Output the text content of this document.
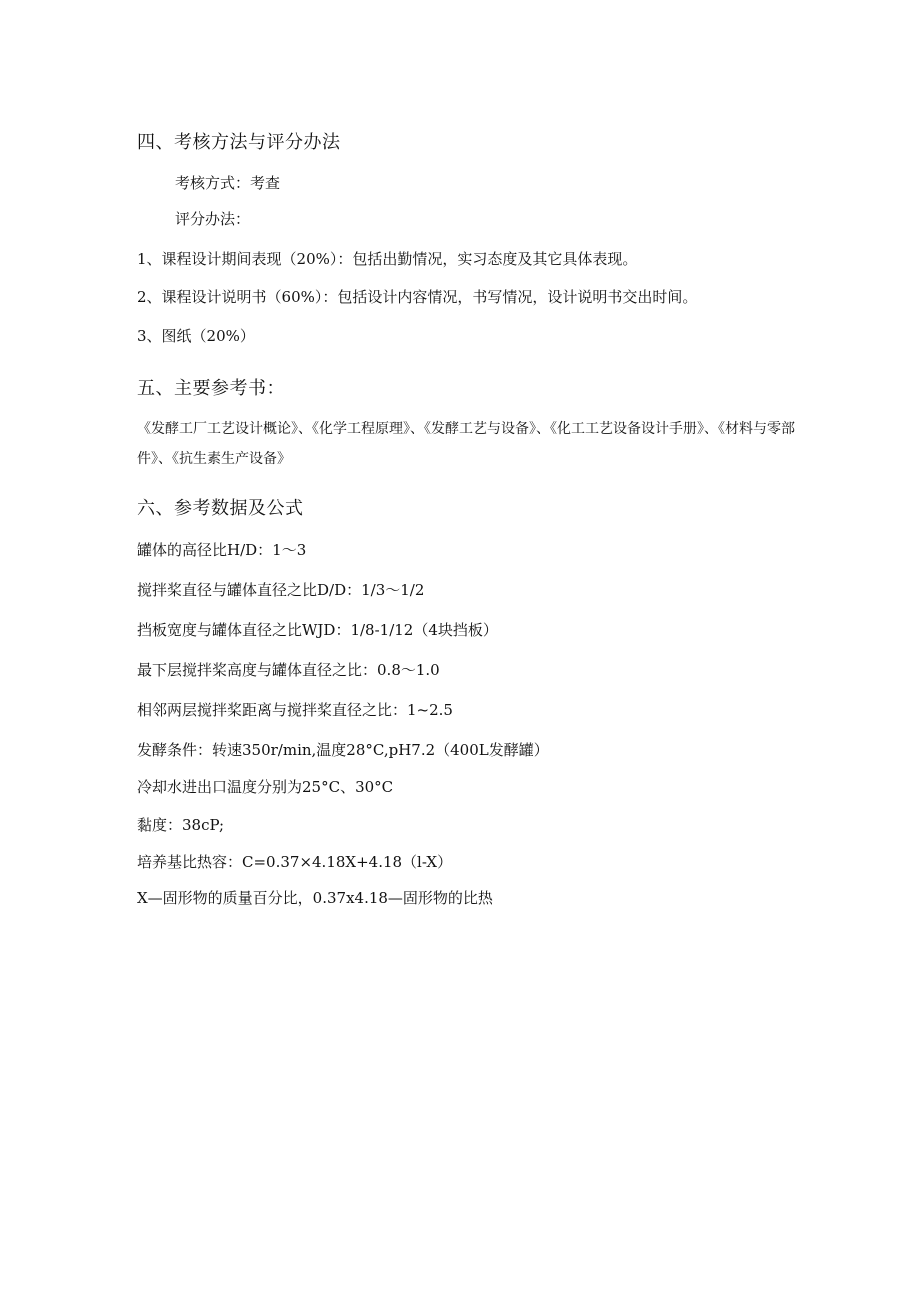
四、考核方法与评分办法
考核方式：考查
评分办法：
1、课程设计期间表现（20%）：包括出勤情况，实习态度及其它具体表现。
2、课程设计说明书（60%）：包括设计内容情况，书写情况，设计说明书交出时间。
3、图纸（20%）
五、主要参考书：
《发酵工厂工艺设计概论》、《化学工程原理》、《发酵工艺与设备》、《化工工艺设备设计手册》、《材料与零部件》、《抗生素生产设备》
六、参考数据及公式
罐体的高径比H/D：1～3
搅拌桨直径与罐体直径之比D/D：1/3～1/2
挡板宽度与罐体直径之比WJD：1/8-1/12（4块挡板）
最下层搅拌桨高度与罐体直径之比：0.8～1.0
相邻两层搅拌桨距离与搅拌桨直径之比：1~2.5
发酵条件：转速350r/min,温度28°C,pH7.2（400L发酵罐）
冷却水进出口温度分别为25°C、30°C
黏度：38cP;
培养基比热容：C=0.37×4.18X+4.18（l-X）
X—固形物的质量百分比，0.37x4.18—固形物的比热
